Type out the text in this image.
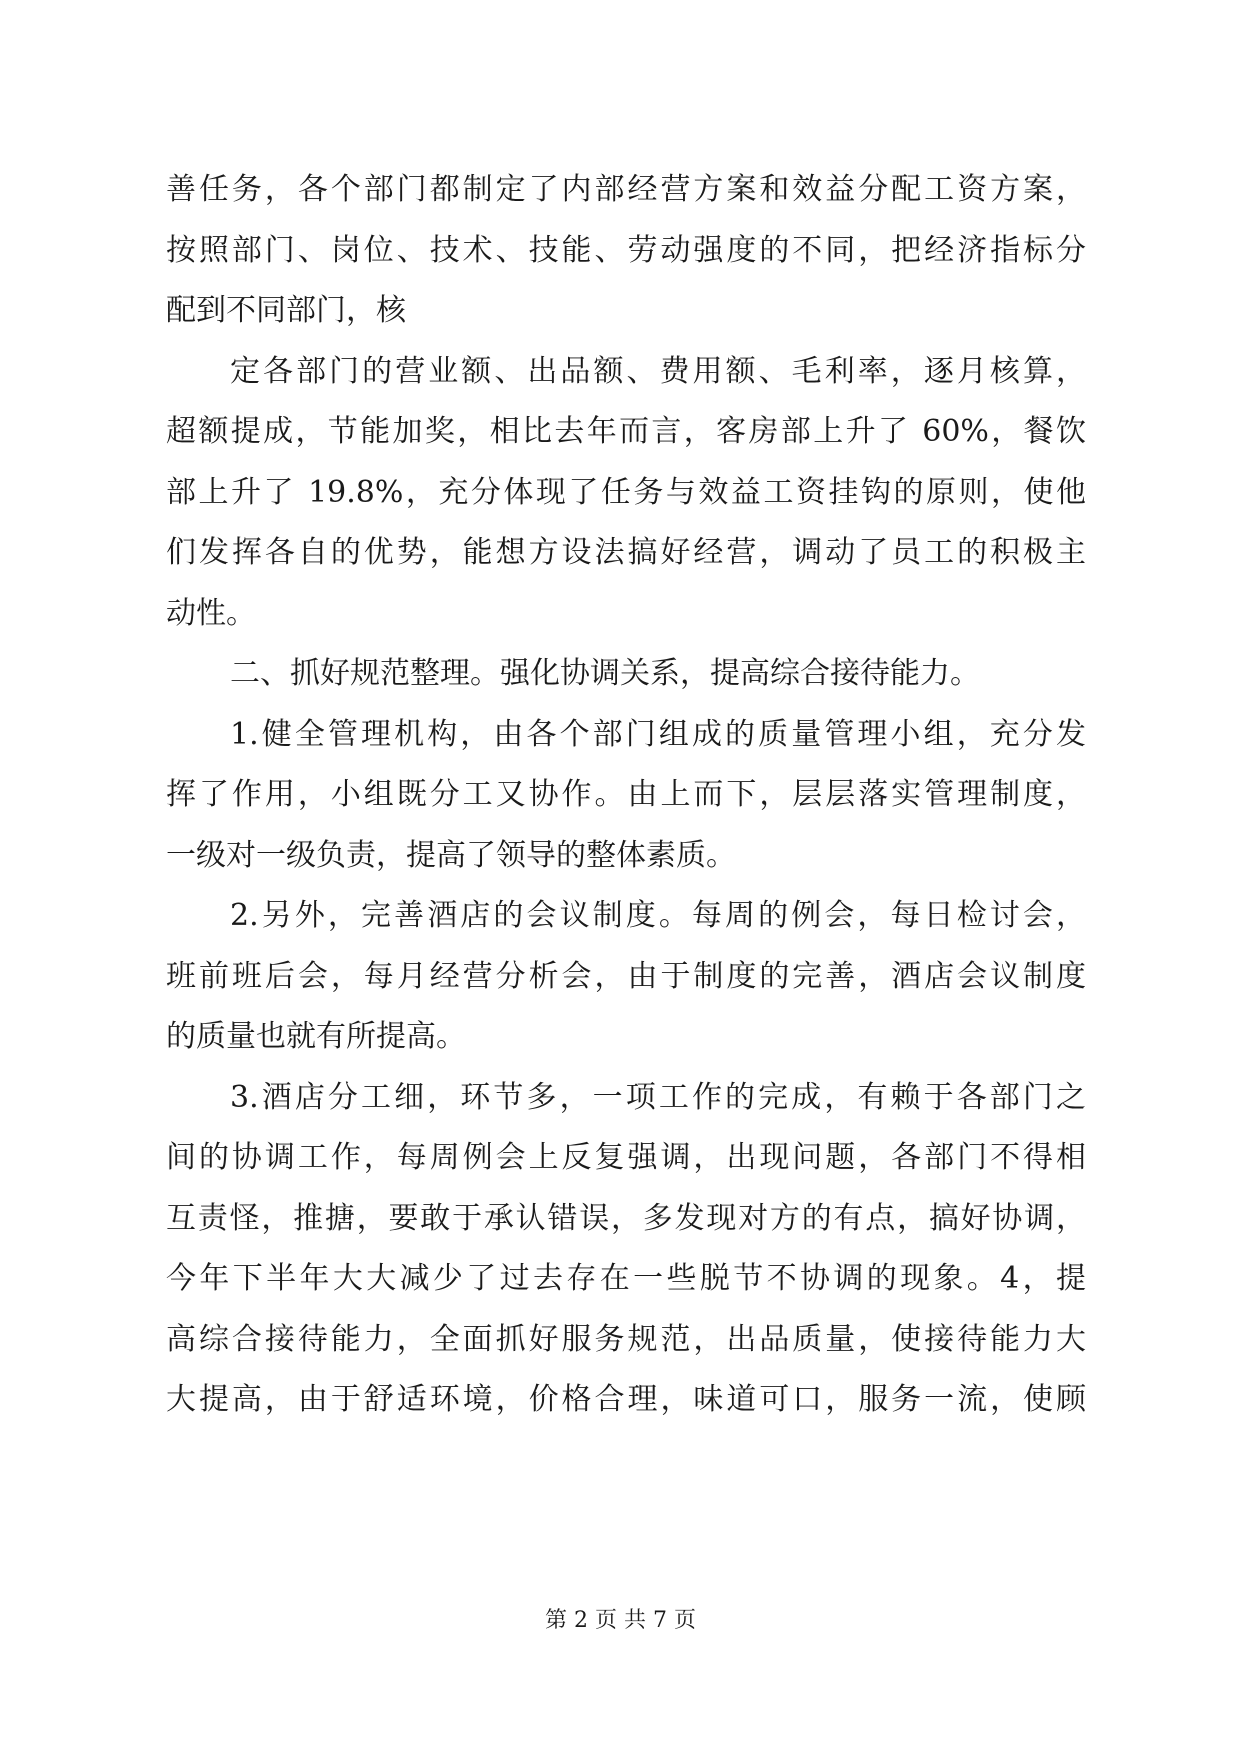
善任务，各个部门都制定了内部经营方案和效益分配工资方案，
按照部门、岗位、技术、技能、劳动强度的不同，把经济指标分
配到不同部门，核
定各部门的营业额、出品额、费用额、毛利率，逐月核算，
超额提成，节能加奖，相比去年而言，客房部上升了 60%，餐饮
部上升了 19.8%，充分体现了任务与效益工资挂钩的原则，使他
们发挥各自的优势，能想方设法搞好经营，调动了员工的积极主
动性。
二、抓好规范整理。强化协调关系，提高综合接待能力。
1.健全管理机构，由各个部门组成的质量管理小组，充分发
挥了作用，小组既分工又协作。由上而下，层层落实管理制度，
一级对一级负责，提高了领导的整体素质。
2.另外，完善酒店的会议制度。每周的例会，每日检讨会，
班前班后会，每月经营分析会，由于制度的完善，酒店会议制度
的质量也就有所提高。
3.酒店分工细，环节多，一项工作的完成，有赖于各部门之
间的协调工作，每周例会上反复强调，出现问题，各部门不得相
互责怪，推搪，要敢于承认错误，多发现对方的有点，搞好协调，
今年下半年大大减少了过去存在一些脱节不协调的现象。4，提
高综合接待能力，全面抓好服务规范，出品质量，使接待能力大
大提高，由于舒适环境，价格合理，味道可口，服务一流，使顾
第 2 页 共 7 页
